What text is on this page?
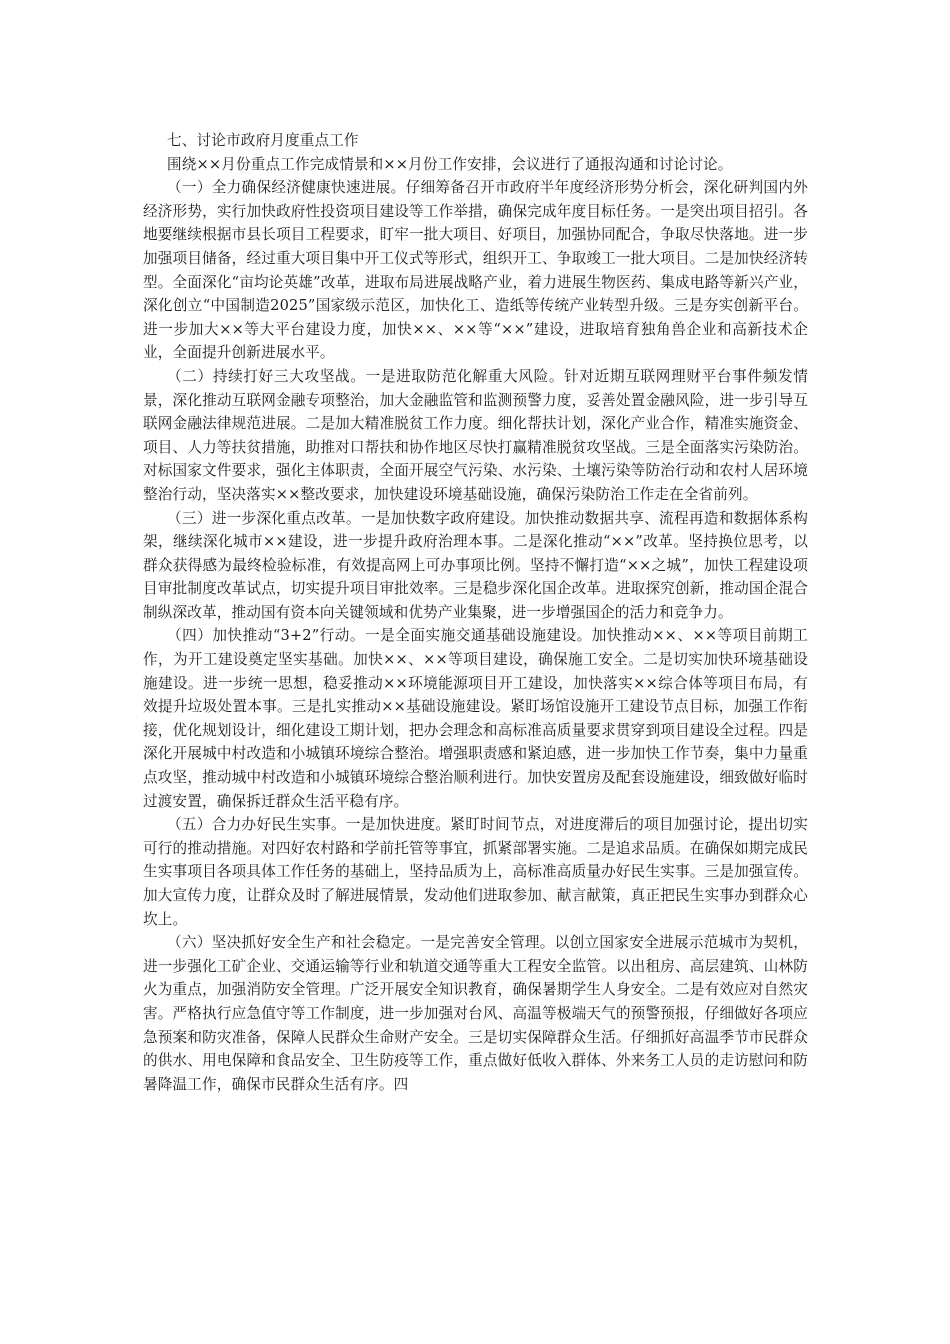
七、讨论市政府月度重点工作

围绕××月份重点工作完成情景和××月份工作安排，会议进行了通报沟通和讨论讨论。

（一）全力确保经济健康快速进展。仔细筹备召开市政府半年度经济形势分析会，深化研判国内外经济形势，实行加快政府性投资项目建设等工作举措，确保完成年度目标任务。一是突出项目招引。各地要继续根据市县长项目工程要求，盯牢一批大项目、好项目，加强协同配合，争取尽快落地。进一步加强项目储备，经过重大项目集中开工仪式等形式，组织开工、争取竣工一批大项目。二是加快经济转型。全面深化“亩均论英雄”改革，进取布局进展战略产业，着力进展生物医药、集成电路等新兴产业，深化创立“中国制造2025”国家级示范区，加快化工、造纸等传统产业转型升级。三是夯实创新平台。进一步加大××等大平台建设力度，加快××、××等“××”建设，进取培育独角兽企业和高新技术企业，全面提升创新进展水平。

（二）持续打好三大攻坚战。一是进取防范化解重大风险。针对近期互联网理财平台事件频发情景，深化推动互联网金融专项整治，加大金融监管和监测预警力度，妥善处置金融风险，进一步引导互联网金融法律规范进展。二是加大精准脱贫工作力度。细化帮扶计划，深化产业合作，精准实施资金、项目、人力等扶贫措施，助推对口帮扶和协作地区尽快打赢精准脱贫攻坚战。三是全面落实污染防治。对标国家文件要求，强化主体职责，全面开展空气污染、水污染、土壤污染等防治行动和农村人居环境整治行动，坚决落实××整改要求，加快建设环境基础设施，确保污染防治工作走在全省前列。

（三）进一步深化重点改革。一是加快数字政府建设。加快推动数据共享、流程再造和数据体系构架，继续深化城市××建设，进一步提升政府治理本事。二是深化推动“××”改革。坚持换位思考，以群众获得感为最终检验标准，有效提高网上可办事项比例。坚持不懈打造“××之城”，加快工程建设项目审批制度改革试点，切实提升项目审批效率。三是稳步深化国企改革。进取探究创新，推动国企混合制纵深改革，推动国有资本向关键领域和优势产业集聚，进一步增强国企的活力和竞争力。

（四）加快推动“3+2”行动。一是全面实施交通基础设施建设。加快推动××、××等项目前期工作，为开工建设奠定坚实基础。加快××、××等项目建设，确保施工安全。二是切实加快环境基础设施建设。进一步统一思想，稳妥推动××环境能源项目开工建设，加快落实××综合体等项目布局，有效提升垃圾处置本事。三是扎实推动××基础设施建设。紧盯场馆设施开工建设节点目标，加强工作衔接，优化规划设计，细化建设工期计划，把办会理念和高标准高质量要求贯穿到项目建设全过程。四是深化开展城中村改造和小城镇环境综合整治。增强职责感和紧迫感，进一步加快工作节奏，集中力量重点攻坚，推动城中村改造和小城镇环境综合整治顺利进行。加快安置房及配套设施建设，细致做好临时过渡安置，确保拆迁群众生活平稳有序。

（五）合力办好民生实事。一是加快进度。紧盯时间节点，对进度滞后的项目加强讨论，提出切实可行的推动措施。对四好农村路和学前托管等事宜，抓紧部署实施。二是追求品质。在确保如期完成民生实事项目各项具体工作任务的基础上，坚持品质为上，高标准高质量办好民生实事。三是加强宣传。加大宣传力度，让群众及时了解进展情景，发动他们进取参加、献言献策，真正把民生实事办到群众心坎上。

（六）坚决抓好安全生产和社会稳定。一是完善安全管理。以创立国家安全进展示范城市为契机，进一步强化工矿企业、交通运输等行业和轨道交通等重大工程安全监管。以出租房、高层建筑、山林防火为重点，加强消防安全管理。广泛开展安全知识教育，确保暑期学生人身安全。二是有效应对自然灾害。严格执行应急值守等工作制度，进一步加强对台风、高温等极端天气的预警预报，仔细做好各项应急预案和防灾准备，保障人民群众生命财产安全。三是切实保障群众生活。仔细抓好高温季节市民群众的供水、用电保障和食品安全、卫生防疫等工作，重点做好低收入群体、外来务工人员的走访慰问和防暑降温工作，确保市民群众生活有序。四
